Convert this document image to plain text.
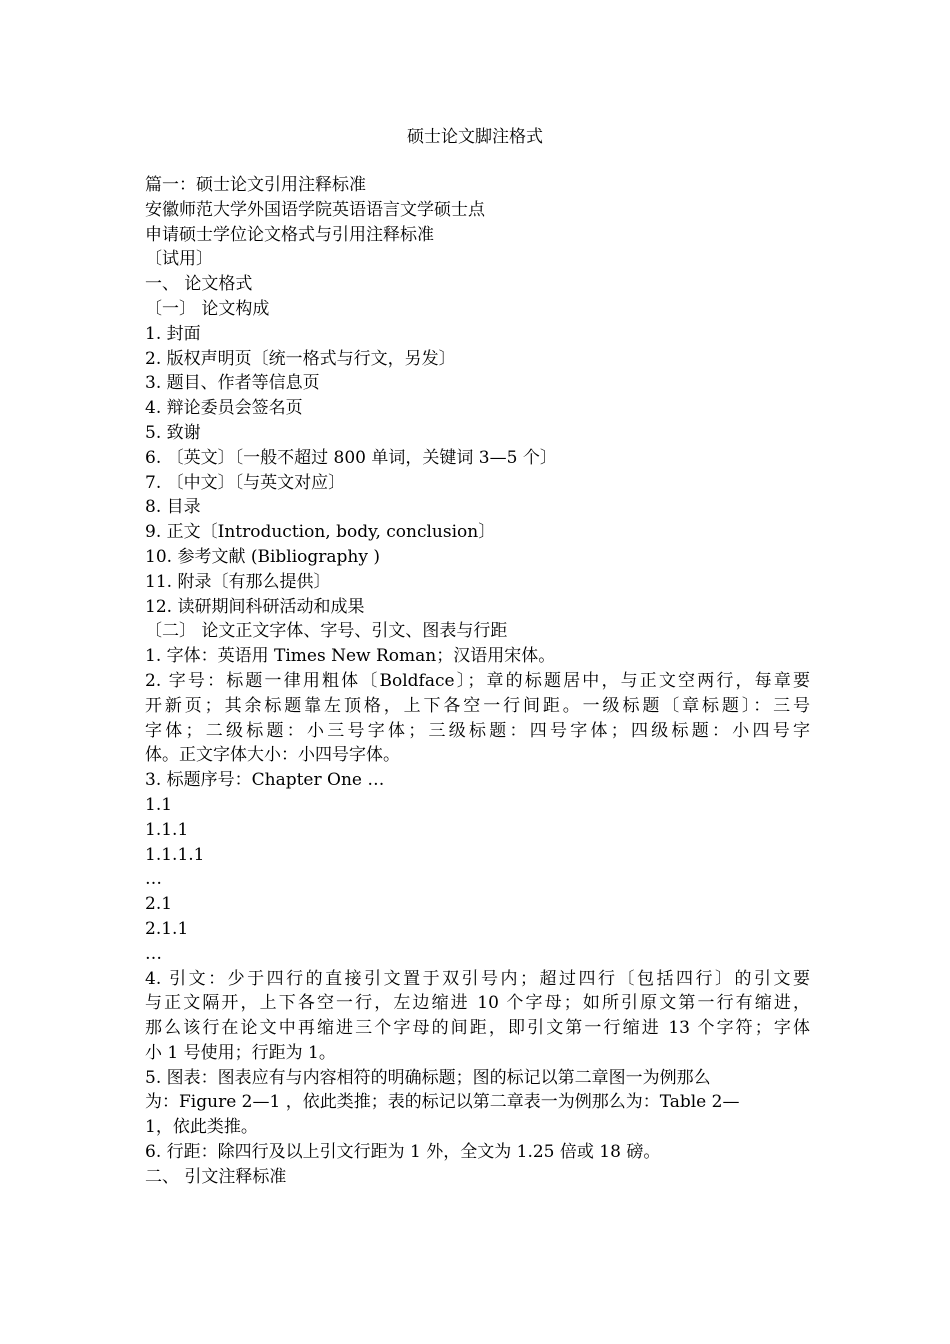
硕士论文脚注格式

篇一：硕士论文引用注释标准

安徽师范大学外国语学院英语语言文学硕士点

申请硕士学位论文格式与引用注释标准

〔试用〕

一、 论文格式

〔一〕 论文构成

1. 封面

2. 版权声明页〔统一格式与行文，另发〕

3. 题目、作者等信息页

4. 辩论委员会签名页

5. 致谢

6. 〔英文〕〔一般不超过 800 单词，关键词 3—5 个〕

7. 〔中文〕〔与英文对应〕

8. 目录

9. 正文〔Introduction, body, conclusion〕

10. 参考文献 (Bibliography )

11. 附录〔有那么提供〕

12. 读研期间科研活动和成果

〔二〕 论文正文字体、字号、引文、图表与行距

1. 字体：英语用 Times New Roman；汉语用宋体。

2. 字号：标题一律用粗体〔Boldface〕；章的标题居中，与正文空两行，每章要

开新页；其余标题靠左顶格，上下各空一行间距。一级标题〔章标题〕：三号

字体；二级标题：小三号字体；三级标题：四号字体；四级标题：小四号字

体。正文字体大小：小四号字体。

3. 标题序号：Chapter One …

1.1

1.1.1

1.1.1.1

…

2.1

2.1.1

…

4. 引文：少于四行的直接引文置于双引号内；超过四行〔包括四行〕的引文要

与正文隔开，上下各空一行，左边缩进 10 个字母；如所引原文第一行有缩进，

那么该行在论文中再缩进三个字母的间距，即引文第一行缩进 13 个字符；字体

小 1 号使用；行距为 1。

5. 图表：图表应有与内容相符的明确标题；图的标记以第二章图一为例那么

为：Figure 2—1 ，依此类推；表的标记以第二章表一为例那么为：Table 2—

1，依此类推。

6. 行距：除四行及以上引文行距为 1 外，全文为 1.25 倍或 18 磅。

二、 引文注释标准
